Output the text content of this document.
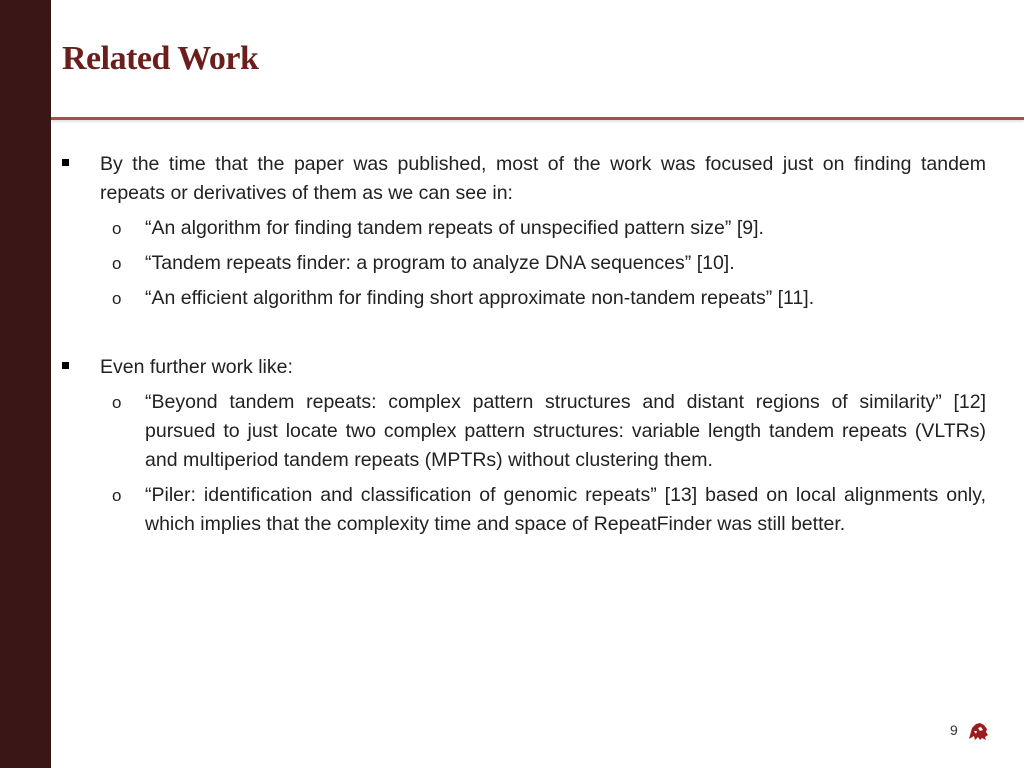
Related Work
By the time that the paper was published, most of the work was focused just on finding tandem repeats or derivatives of them as we can see in:
o “An algorithm for finding tandem repeats of unspecified pattern size” [9].
o “Tandem repeats finder: a program to analyze DNA sequences” [10].
o “An efficient algorithm for finding short approximate non-tandem repeats” [11].
Even further work like:
o “Beyond tandem repeats: complex pattern structures and distant regions of similarity” [12] pursued to just locate two complex pattern structures: variable length tandem repeats (VLTRs) and multiperiod tandem repeats (MPTRs) without clustering them.
o “Piler: identification and classification of genomic repeats” [13] based on local alignments only, which implies that the complexity time and space of RepeatFinder was still better.
9
